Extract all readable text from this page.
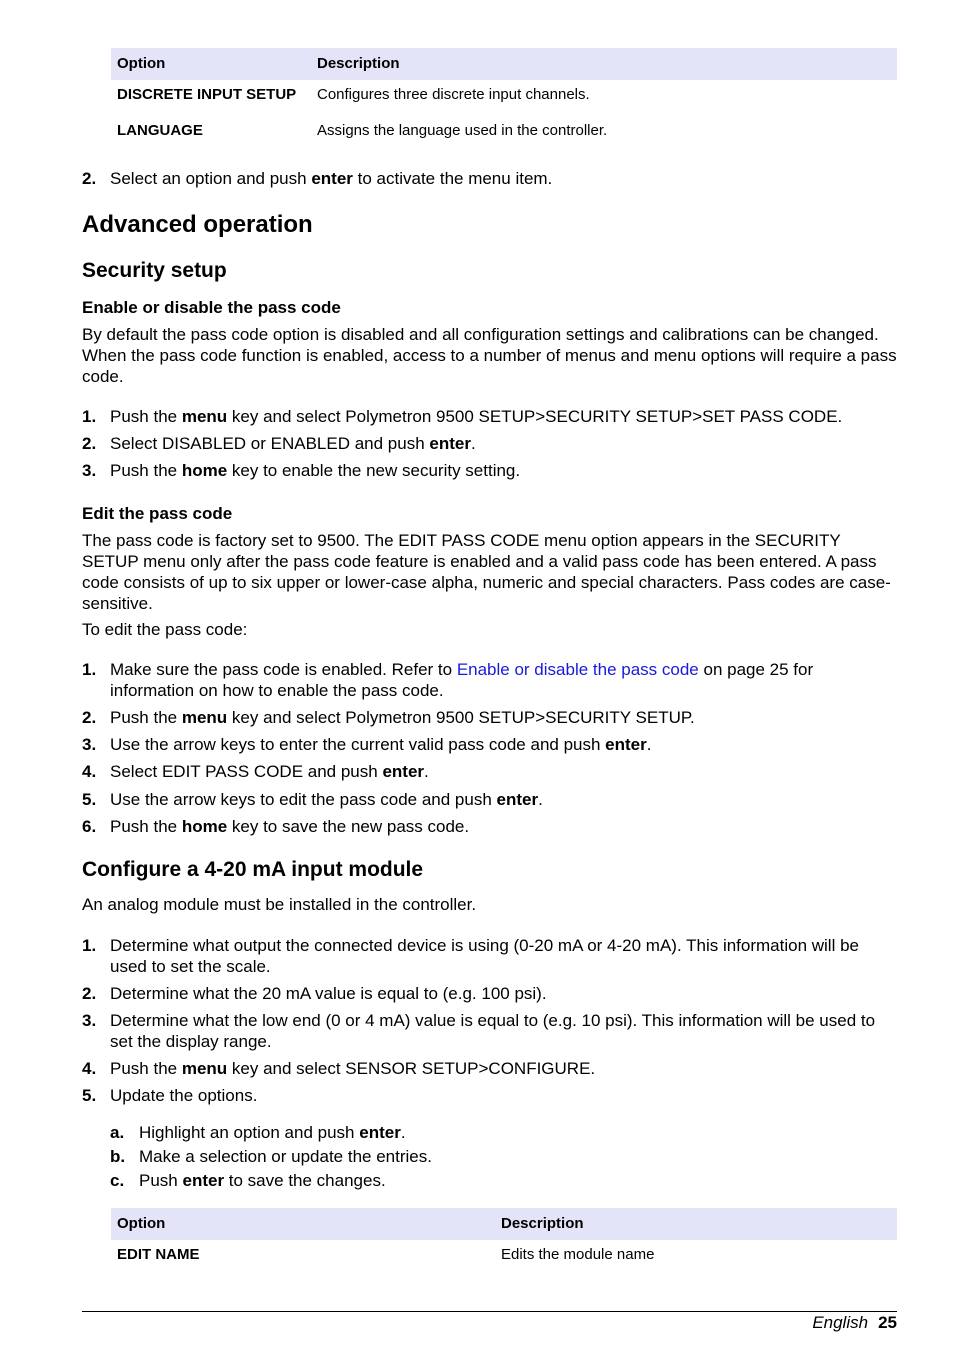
Option	Description
DISCRETE INPUT SETUP	Configures three discrete input channels.
LANGUAGE	Assigns the language used in the controller.
2. Select an option and push enter to activate the menu item.
Advanced operation
Security setup
Enable or disable the pass code
By default the pass code option is disabled and all configuration settings and calibrations can be changed. When the pass code function is enabled, access to a number of menus and menu options will require a pass code.
1. Push the menu key and select Polymetron 9500 SETUP>SECURITY SETUP>SET PASS CODE.
2. Select DISABLED or ENABLED and push enter.
3. Push the home key to enable the new security setting.
Edit the pass code
The pass code is factory set to 9500. The EDIT PASS CODE menu option appears in the SECURITY SETUP menu only after the pass code feature is enabled and a valid pass code has been entered. A pass code consists of up to six upper or lower-case alpha, numeric and special characters. Pass codes are case-sensitive.
To edit the pass code:
1. Make sure the pass code is enabled. Refer to Enable or disable the pass code on page 25 for information on how to enable the pass code.
2. Push the menu key and select Polymetron 9500 SETUP>SECURITY SETUP.
3. Use the arrow keys to enter the current valid pass code and push enter.
4. Select EDIT PASS CODE and push enter.
5. Use the arrow keys to edit the pass code and push enter.
6. Push the home key to save the new pass code.
Configure a 4-20 mA input module
An analog module must be installed in the controller.
1. Determine what output the connected device is using (0-20 mA or 4-20 mA). This information will be used to set the scale.
2. Determine what the 20 mA value is equal to (e.g. 100 psi).
3. Determine what the low end (0 or 4 mA) value is equal to (e.g. 10 psi). This information will be used to set the display range.
4. Push the menu key and select SENSOR SETUP>CONFIGURE.
5. Update the options.
a. Highlight an option and push enter.
b. Make a selection or update the entries.
c. Push enter to save the changes.
Option	Description
EDIT NAME	Edits the module name
English 25
